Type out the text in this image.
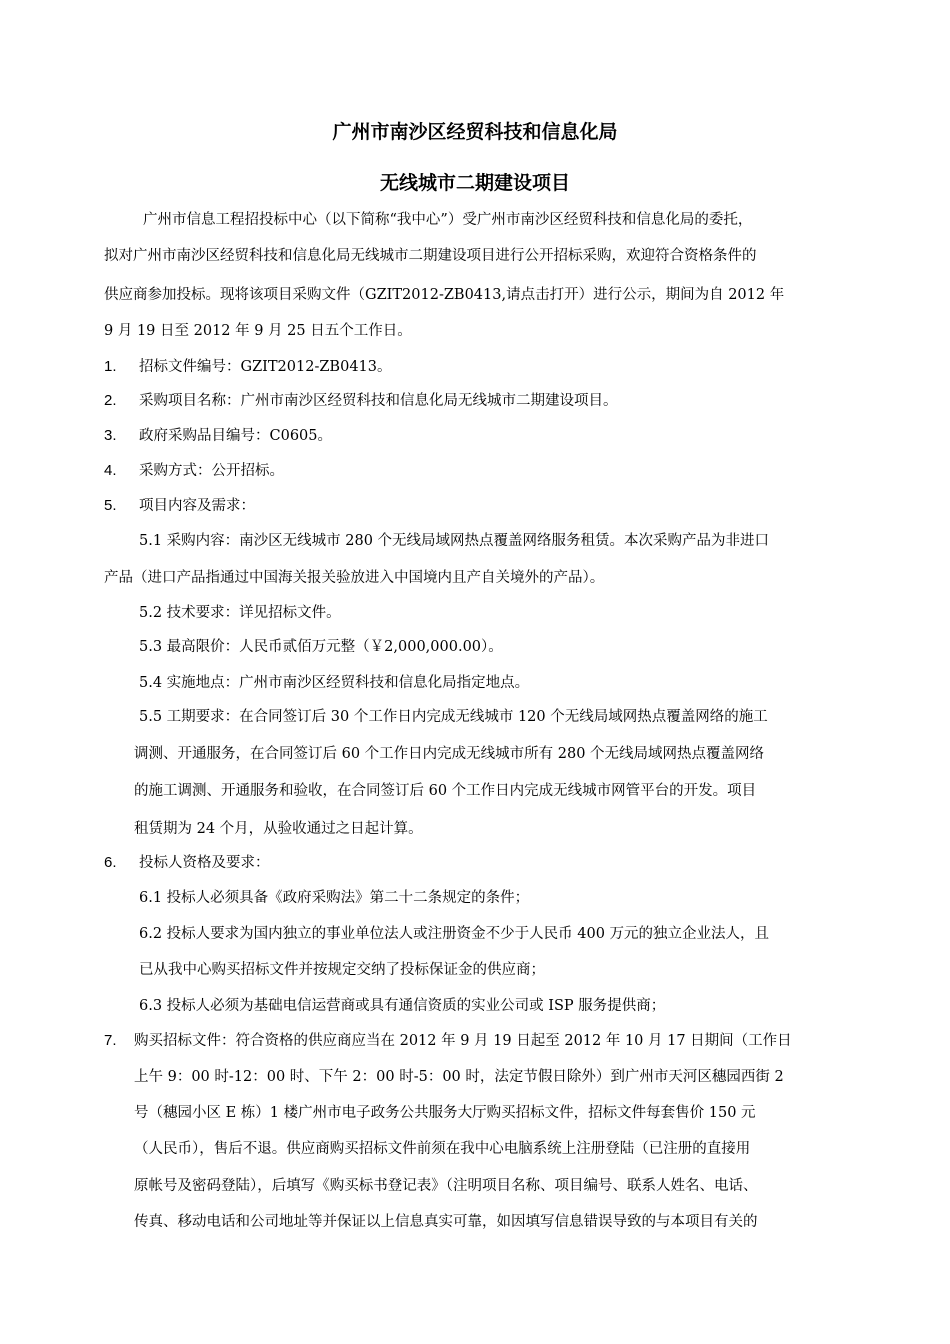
广州市南沙区经贸科技和信息化局
无线城市二期建设项目
广州市信息工程招投标中心（以下简称“我中心”）受广州市南沙区经贸科技和信息化局的委托，
拟对广州市南沙区经贸科技和信息化局无线城市二期建设项目进行公开招标采购，欢迎符合资格条件的
供应商参加投标。现将该项目采购文件（GZIT2012-ZB0413,请点击打开）进行公示，期间为自 2012 年
9 月 19 日至 2012 年 9 月 25 日五个工作日。
1. 招标文件编号：GZIT2012-ZB0413。
2. 采购项目名称：广州市南沙区经贸科技和信息化局无线城市二期建设项目。
3. 政府采购品目编号：C0605。
4. 采购方式：公开招标。
5. 项目内容及需求：
5.1 采购内容：南沙区无线城市 280 个无线局域网热点覆盖网络服务租赁。本次采购产品为非进口
产品（进口产品指通过中国海关报关验放进入中国境内且产自关境外的产品）。
5.2 技术要求：详见招标文件。
5.3 最高限价：人民币贰佰万元整（￥2,000,000.00）。
5.4 实施地点：广州市南沙区经贸科技和信息化局指定地点。
5.5 工期要求：在合同签订后 30 个工作日内完成无线城市 120 个无线局域网热点覆盖网络的施工
调测、开通服务，在合同签订后 60 个工作日内完成无线城市所有 280 个无线局域网热点覆盖网络
的施工调测、开通服务和验收，在合同签订后 60 个工作日内完成无线城市网管平台的开发。项目
租赁期为 24 个月，从验收通过之日起计算。
6. 投标人资格及要求：
6.1 投标人必须具备《政府采购法》第二十二条规定的条件；
6.2 投标人要求为国内独立的事业单位法人或注册资金不少于人民币 400 万元的独立企业法人，且
已从我中心购买招标文件并按规定交纳了投标保证金的供应商；
6.3 投标人必须为基础电信运营商或具有通信资质的实业公司或 ISP 服务提供商；
7. 购买招标文件：符合资格的供应商应当在 2012 年 9 月 19 日起至 2012 年 10 月 17 日期间（工作日
上午 9：00 时-12：00 时、下午 2：00 时-5：00 时，法定节假日除外）到广州市天河区穗园西街 2
号（穗园小区 E 栋）1 楼广州市电子政务公共服务大厅购买招标文件，招标文件每套售价 150 元
（人民币），售后不退。供应商购买招标文件前须在我中心电脑系统上注册登陆（已注册的直接用
原帐号及密码登陆），后填写《购买标书登记表》（注明项目名称、项目编号、联系人姓名、电话、
传真、移动电话和公司地址等并保证以上信息真实可靠，如因填写信息错误导致的与本项目有关的
